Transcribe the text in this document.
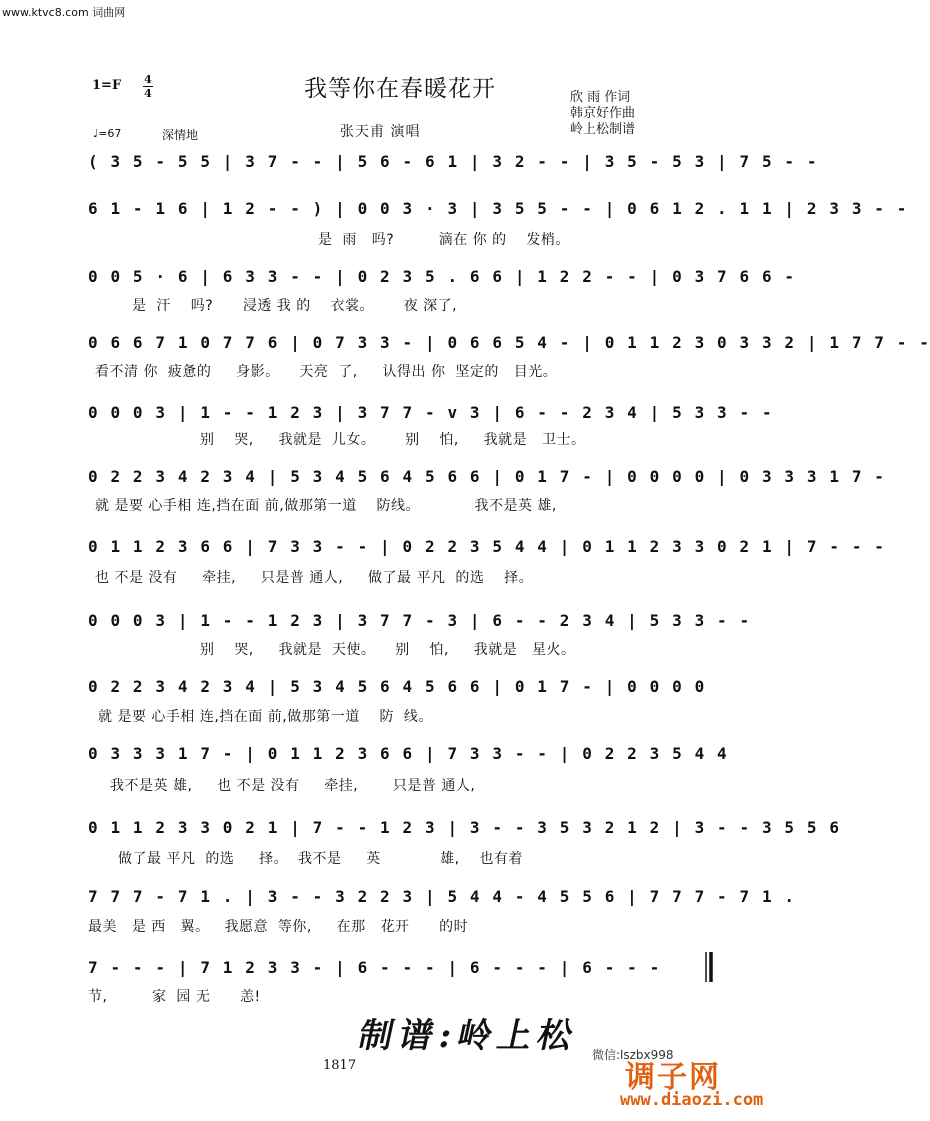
www.ktvc8.com 词曲网
1=F 4
4	我等你在春暖花开	欣 雨 作词
韩京好作曲
岭上松制谱
张天甫 演唱
♩=67	深情地
( 3 5 - 5 5 | 3 7 - - | 5 6 - 6 1 | 3 2 - - | 3 5 - 5 3 | 7 5 - -
6 1 - 1 6 | 1 2 - - ) | 0 0 3 · 3 | 3 5 5 - - | 0 6 1 2 . 1 1 | 2 3 3 - -
是  雨   吗?         滴在 你 的    发梢。
0 0 5 · 6 | 6 3 3 - - | 0 2 3 5 . 6 6 | 1 2 2 - - | 0 3 7 6 6 -
是  汗    吗?      浸透 我 的    衣裳。      夜 深了,
0 6 6 7 1 0 7 7 6 | 0 7 3 3 - | 0 6 6 5 4 - | 0 1 1 2 3 0 3 3 2 | 1 7 7 - -
看不清 你  疲惫的     身影。    天亮  了,     认得出 你  坚定的   目光。
0 0 0 3 | 1 - - 1 2 3 | 3 7 7 - v 3 | 6 - - 2 3 4 | 5 3 3 - -
别    哭,     我就是  儿女。      别    怕,     我就是   卫士。
0 2 2 3 4 2 3 4 | 5 3 4 5 6 4 5 6 6 | 0 1 7 - | 0 0 0 0 | 0 3 3 3 1 7 -
就 是要 心手相 连,挡在面 前,做那第一道    防线。           我不是英 雄,
0 1 1 2 3 6 6 | 7 3 3 - - | 0 2 2 3 5 4 4 | 0 1 1 2 3 3 0 2 1 | 7 - - -
也 不是 没有     牵挂,     只是普 通人,     做了最 平凡  的选    择。
0 0 0 3 | 1 - - 1 2 3 | 3 7 7 - 3 | 6 - - 2 3 4 | 5 3 3 - -
别    哭,     我就是  天使。    别    怕,     我就是   星火。
0 2 2 3 4 2 3 4 | 5 3 4 5 6 4 5 6 6 | 0 1 7 - | 0 0 0 0
就 是要 心手相 连,挡在面 前,做那第一道    防  线。
0 3 3 3 1 7 - | 0 1 1 2 3 6 6 | 7 3 3 - - | 0 2 2 3 5 4 4
我不是英 雄,     也 不是 没有     牵挂,       只是普 通人,
0 1 1 2 3 3 0 2 1 | 7 - - 1 2 3 | 3 - - 3 5 3 2 1 2 | 3 - - 3 5 5 6
做了最 平凡  的选     择。  我不是     英            雄,    也有着
7 7 7 - 7 1 . | 3 - - 3 2 2 3 | 5 4 4 - 4 5 5 6 | 7 7 7 - 7 1 .
最美   是 西   翼。   我愿意  等你,     在那   花开      的时
7 - - - | 7 1 2 3 3 - | 6 - - - | 6 - - - | 6 - - -
节,         家  园 无      恙!
制谱:岭上松
1817
微信:lszbx998
调子网
www.diaozi.com
